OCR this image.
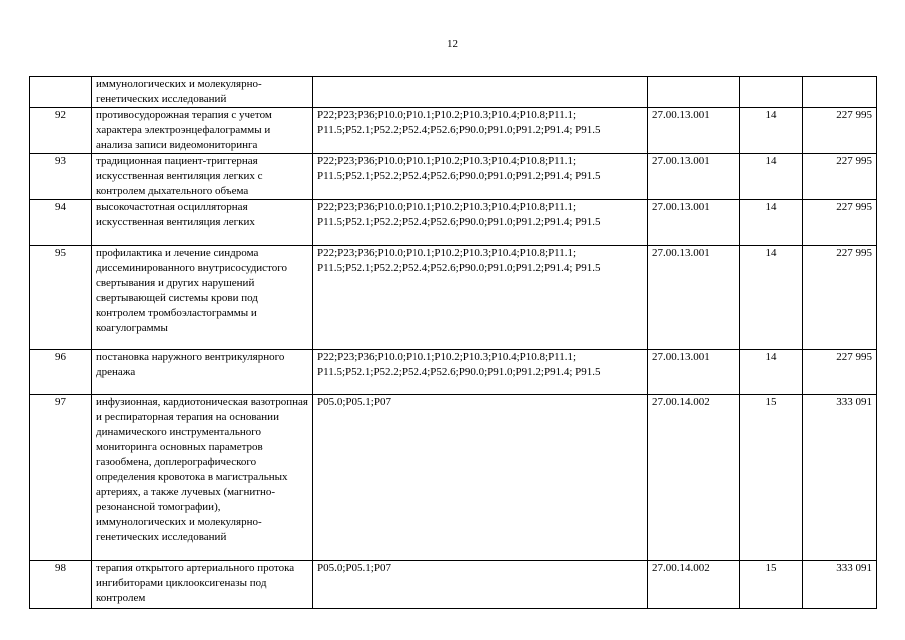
12
	иммунологических и молекулярно-генетических исследований				
92	противосудорожная терапия с учетом характера электроэнцефалограммы и анализа записи видеомониторинга	P22;P23;P36;P10.0;P10.1;P10.2;P10.3;P10.4;P10.8;P11.1; P11.5;P52.1;P52.2;P52.4;P52.6;P90.0;P91.0;P91.2;P91.4; P91.5	27.00.13.001	14	227 995
93	традиционная пациент-триггерная искусственная вентиляция легких с контролем дыхательного объема	P22;P23;P36;P10.0;P10.1;P10.2;P10.3;P10.4;P10.8;P11.1; P11.5;P52.1;P52.2;P52.4;P52.6;P90.0;P91.0;P91.2;P91.4; P91.5	27.00.13.001	14	227 995
94	высокочастотная осцилляторная искусственная вентиляция легких	P22;P23;P36;P10.0;P10.1;P10.2;P10.3;P10.4;P10.8;P11.1; P11.5;P52.1;P52.2;P52.4;P52.6;P90.0;P91.0;P91.2;P91.4; P91.5	27.00.13.001	14	227 995
95	профилактика и лечение синдрома диссеминированного внутрисосудистого свертывания и других нарушений свертывающей системы крови под контролем тромбоэластограммы и коагулограммы	P22;P23;P36;P10.0;P10.1;P10.2;P10.3;P10.4;P10.8;P11.1; P11.5;P52.1;P52.2;P52.4;P52.6;P90.0;P91.0;P91.2;P91.4; P91.5	27.00.13.001	14	227 995
96	постановка наружного вентрикулярного дренажа	P22;P23;P36;P10.0;P10.1;P10.2;P10.3;P10.4;P10.8;P11.1; P11.5;P52.1;P52.2;P52.4;P52.6;P90.0;P91.0;P91.2;P91.4; P91.5	27.00.13.001	14	227 995
97	инфузионная, кардиотоническая вазотропная и респираторная терапия на основании динамического инструментального мониторинга основных параметров газообмена, доплерографического определения кровотока в магистральных артериях, а также лучевых (магнитно-резонансной томографии), иммунологических и молекулярно-генетических исследований	P05.0;P05.1;P07	27.00.14.002	15	333 091
98	терапия открытого артериального протока ингибиторами циклооксигеназы под контролем	P05.0;P05.1;P07	27.00.14.002	15	333 091
